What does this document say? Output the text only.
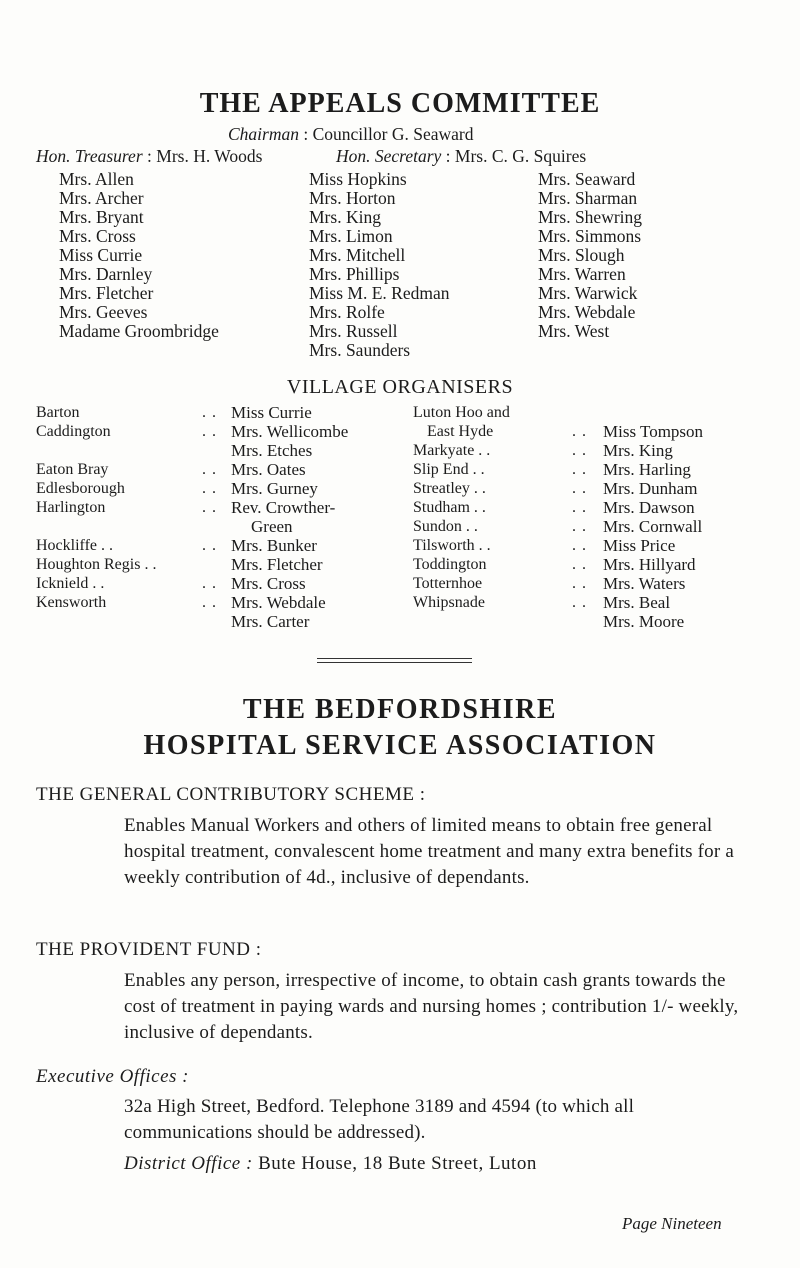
THE APPEALS COMMITTEE
Chairman : Councillor G. Seaward
Hon. Treasurer : Mrs. H. Woods	Hon. Secretary : Mrs. C. G. Squires
Mrs. Allen
Mrs. Archer
Mrs. Bryant
Mrs. Cross
Miss Currie
Mrs. Darnley
Mrs. Fletcher
Mrs. Geeves
Madame Groombridge
Miss Hopkins
Mrs. Horton
Mrs. King
Mrs. Limon
Mrs. Mitchell
Mrs. Phillips
Miss M. E. Redman
Mrs. Rolfe
Mrs. Russell
Mrs. Saunders
Mrs. Seaward
Mrs. Sharman
Mrs. Shewring
Mrs. Simmons
Mrs. Slough
Mrs. Warren
Mrs. Warwick
Mrs. Webdale
Mrs. West
VILLAGE ORGANISERS
Barton
Caddington
Eaton Bray
Edlesborough
Harlington
Hockliffe . .
Houghton Regis . .
Icknield . .
Kensworth
. .
. .
. .
. .
. .
. .
. .
. .
Miss Currie
Mrs. Wellicombe
Mrs. Etches
Mrs. Oates
Mrs. Gurney
Rev. Crowther-
Green
Mrs. Bunker
Mrs. Fletcher
Mrs. Cross
Mrs. Webdale
Mrs. Carter
Luton Hoo and
East Hyde
Markyate . .
Slip End . .
Streatley . .
Studham . .
Sundon . .
Tilsworth . .
Toddington
Totternhoe
Whipsnade
. .
. .
. .
. .
. .
. .
. .
. .
. .
. .
Miss Tompson
Mrs. King
Mrs. Harling
Mrs. Dunham
Mrs. Dawson
Mrs. Cornwall
Miss Price
Mrs. Hillyard
Mrs. Waters
Mrs. Beal
Mrs. Moore
THE BEDFORDSHIRE
HOSPITAL SERVICE ASSOCIATION
THE GENERAL CONTRIBUTORY SCHEME :
Enables Manual Workers and others of limited means to obtain free general hospital treatment, convalescent home treatment and many extra benefits for a weekly contribution of 4d., inclusive of dependants.
THE PROVIDENT FUND :
Enables any person, irrespective of income, to obtain cash grants towards the cost of treatment in paying wards and nursing homes ; contribution 1/- weekly, inclusive of dependants.
Executive Offices :
32a High Street, Bedford. Telephone 3189 and 4594 (to which all communications should be addressed).
District Office : Bute House, 18 Bute Street, Luton
Page Nineteen
